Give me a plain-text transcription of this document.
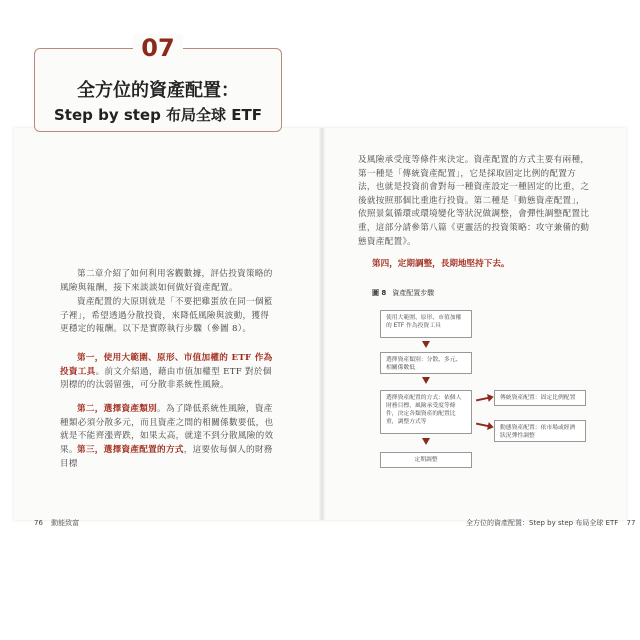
07
全方位的資產配置：
Step by step 布局全球 ETF
第二章介紹了如何利用客觀數據，評估投資策略的風險與報酬，接下來談談如何做好資產配置。
資產配置的大原則就是「不要把雞蛋放在同一個籃子裡」，希望透過分散投資，來降低風險與波動，獲得更穩定的報酬。以下是實際執行步驟（參圖 8）。
第一，使用大範圍、原形、市值加權的 ETF 作為投資工具。前文介紹過，藉由市值加權型 ETF 對於個別標的的汰弱留強，可分散非系統性風險。
第二，選擇資產類別。為了降低系統性風險，資產種類必須分散多元，而且資產之間的相關係數要低，也就是不能齊漲齊跌，如果太高，就達不到分散風險的效果。 第三，選擇資產配置的方式，這要依每個人的財務目標
76 動能致富
及風險承受度等條件來決定。資產配置的方式主要有兩種，第一種是「傳統資產配置」，它是採取固定比例的配置方法，也就是投資前會對每一種資產設定一種固定的比重，之後就按照那個比重進行投資。第二種是「動態資產配置」，依照景氣循環或環境變化等狀況做調整，會彈性調整配置比重，這部分請參第八篇《更靈活的投資策略：攻守兼備的動態資產配置》。
第四，定期調整，長期地堅持下去。
圖 8 資產配置步驟
使用大範圍、原形、市值加權的 ETF 作為投資工具
選擇資產類別：分散、多元、相關係數低
選擇資產配置的方式：依個人財務目標，風險承受度等條件，決定各類資產的配置比重，調整方式等
傳統資產配置：固定比例配置
動態資產配置：依市場或經濟狀況彈性調整
定期調整
全方位的資產配置：Step by step 布局全球 ETF 77
